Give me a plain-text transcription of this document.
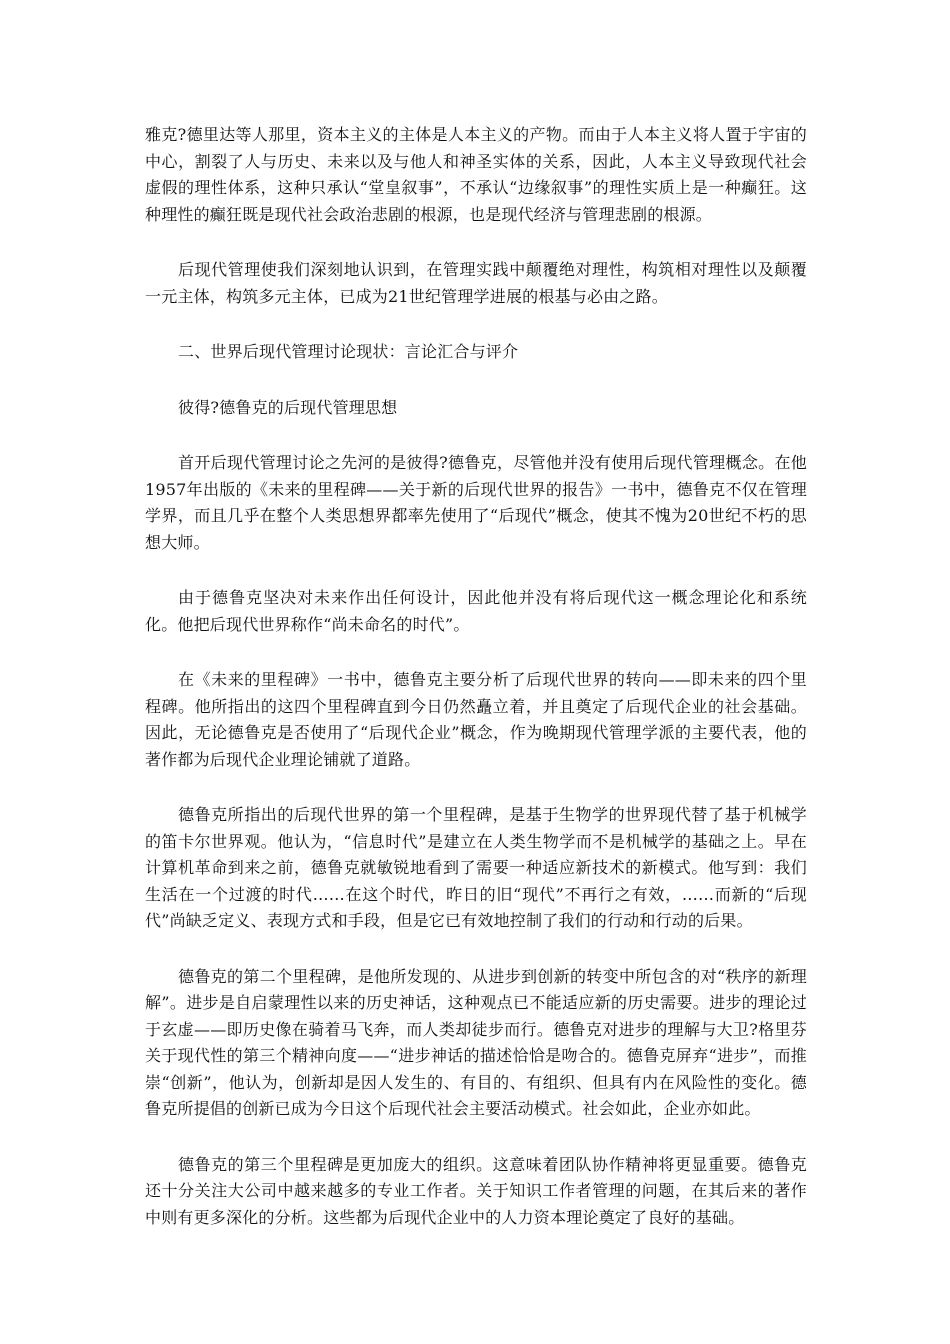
雅克?德里达等人那里，资本主义的主体是人本主义的产物。而由于人本主义将人置于宇宙的中心，割裂了人与历史、未来以及与他人和神圣实体的关系，因此，人本主义导致现代社会虚假的理性体系，这种只承认“堂皇叙事”，不承认“边缘叙事”的理性实质上是一种癫狂。这种理性的癫狂既是现代社会政治悲剧的根源，也是现代经济与管理悲剧的根源。

后现代管理使我们深刻地认识到，在管理实践中颠覆绝对理性，构筑相对理性以及颠覆一元主体，构筑多元主体，已成为21世纪管理学进展的根基与必由之路。

二、世界后现代管理讨论现状：言论汇合与评介

彼得?德鲁克的后现代管理思想

首开后现代管理讨论之先河的是彼得?德鲁克，尽管他并没有使用后现代管理概念。在他1957年出版的《未来的里程碑——关于新的后现代世界的报告》一书中，德鲁克不仅在管理学界，而且几乎在整个人类思想界都率先使用了“后现代”概念，使其不愧为20世纪不朽的思想大师。

由于德鲁克坚决对未来作出任何设计，因此他并没有将后现代这一概念理论化和系统化。他把后现代世界称作“尚未命名的时代”。

在《未来的里程碑》一书中，德鲁克主要分析了后现代世界的转向——即未来的四个里程碑。他所指出的这四个里程碑直到今日仍然矗立着，并且奠定了后现代企业的社会基础。因此，无论德鲁克是否使用了“后现代企业”概念，作为晚期现代管理学派的主要代表，他的著作都为后现代企业理论铺就了道路。

德鲁克所指出的后现代世界的第一个里程碑，是基于生物学的世界现代替了基于机械学的笛卡尔世界观。他认为，“信息时代”是建立在人类生物学而不是机械学的基础之上。早在计算机革命到来之前，德鲁克就敏锐地看到了需要一种适应新技术的新模式。他写到：我们生活在一个过渡的时代……在这个时代，昨日的旧“现代”不再行之有效，……而新的“后现代”尚缺乏定义、表现方式和手段，但是它已有效地控制了我们的行动和行动的后果。

德鲁克的第二个里程碑，是他所发现的、从进步到创新的转变中所包含的对“秩序的新理解”。进步是自启蒙理性以来的历史神话，这种观点已不能适应新的历史需要。进步的理论过于玄虚——即历史像在骑着马飞奔，而人类却徒步而行。德鲁克对进步的理解与大卫?格里芬关于现代性的第三个精神向度——“进步神话的描述恰恰是吻合的。德鲁克屏弃“进步”，而推崇“创新”，他认为，创新却是因人发生的、有目的、有组织、但具有内在风险性的变化。德鲁克所提倡的创新已成为今日这个后现代社会主要活动模式。社会如此，企业亦如此。

德鲁克的第三个里程碑是更加庞大的组织。这意味着团队协作精神将更显重要。德鲁克还十分关注大公司中越来越多的专业工作者。关于知识工作者管理的问题，在其后来的著作中则有更多深化的分析。这些都为后现代企业中的人力资本理论奠定了良好的基础。
